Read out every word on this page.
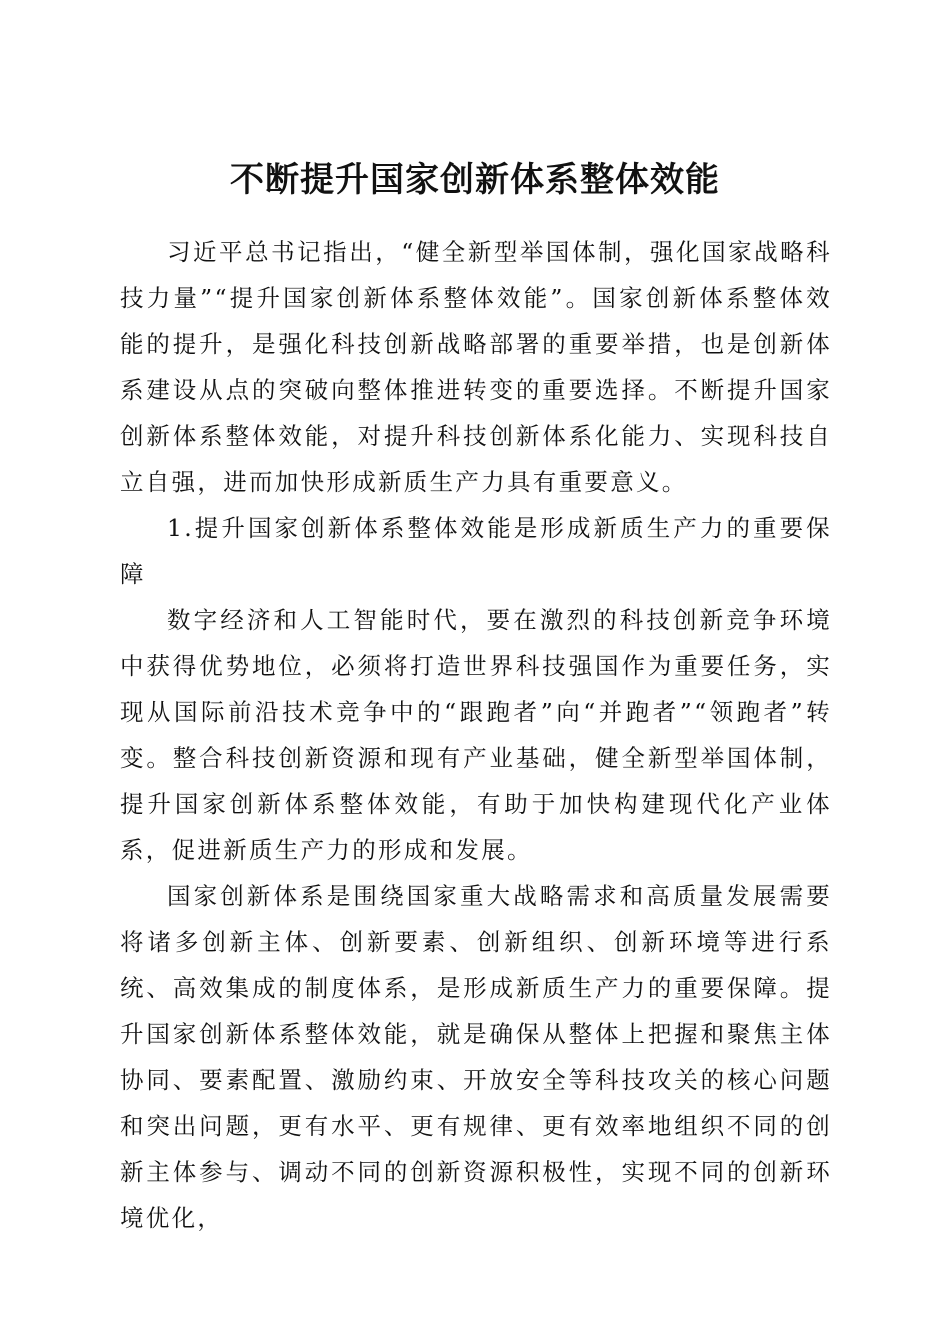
不断提升国家创新体系整体效能

习近平总书记指出，“健全新型举国体制，强化国家战略科技力量”“提升国家创新体系整体效能”。国家创新体系整体效能的提升，是强化科技创新战略部署的重要举措，也是创新体系建设从点的突破向整体推进转变的重要选择。不断提升国家创新体系整体效能，对提升科技创新体系化能力、实现科技自立自强，进而加快形成新质生产力具有重要意义。

1.提升国家创新体系整体效能是形成新质生产力的重要保障

数字经济和人工智能时代，要在激烈的科技创新竞争环境中获得优势地位，必须将打造世界科技强国作为重要任务，实现从国际前沿技术竞争中的“跟跑者”向“并跑者”“领跑者”转变。整合科技创新资源和现有产业基础，健全新型举国体制，提升国家创新体系整体效能，有助于加快构建现代化产业体系，促进新质生产力的形成和发展。

国家创新体系是围绕国家重大战略需求和高质量发展需要将诸多创新主体、创新要素、创新组织、创新环境等进行系统、高效集成的制度体系，是形成新质生产力的重要保障。提升国家创新体系整体效能，就是确保从整体上把握和聚焦主体协同、要素配置、激励约束、开放安全等科技攻关的核心问题和突出问题，更有水平、更有规律、更有效率地组织不同的创新主体参与、调动不同的创新资源积极性，实现不同的创新环境优化，
